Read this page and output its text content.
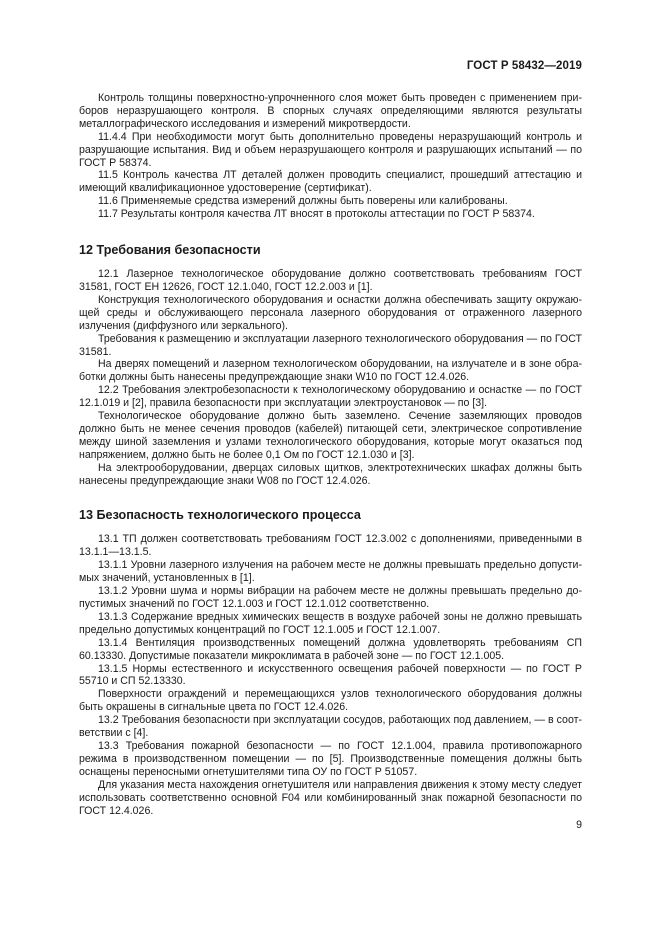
ГОСТ Р 58432—2019

Контроль толщины поверхностно-упрочненного слоя может быть проведен с применением приборов неразрушающего контроля. В спорных случаях определяющими являются результаты металлографического исследования и измерений микротвердости.

11.4.4 При необходимости могут быть дополнительно проведены неразрушающий контроль и разрушающие испытания. Вид и объем неразрушающего контроля и разрушающих испытаний — по ГОСТ Р 58374.

11.5 Контроль качества ЛТ деталей должен проводить специалист, прошедший аттестацию и имеющий квалификационное удостоверение (сертификат).

11.6 Применяемые средства измерений должны быть поверены или калиброваны.

11.7 Результаты контроля качества ЛТ вносят в протоколы аттестации по ГОСТ Р 58374.

12 Требования безопасности

12.1 Лазерное технологическое оборудование должно соответствовать требованиям ГОСТ 31581, ГОСТ ЕН 12626, ГОСТ 12.1.040, ГОСТ 12.2.003 и [1].

Конструкция технологического оборудования и оснастки должна обеспечивать защиту окружающей среды и обслуживающего персонала лазерного оборудования от отраженного лазерного излучения (диффузного или зеркального).

Требования к размещению и эксплуатации лазерного технологического оборудования — по ГОСТ 31581.

На дверях помещений и лазерном технологическом оборудовании, на излучателе и в зоне обработки должны быть нанесены предупреждающие знаки W10 по ГОСТ 12.4.026.

12.2 Требования электробезопасности к технологическому оборудованию и оснастке — по ГОСТ 12.1.019 и [2], правила безопасности при эксплуатации электроустановок — по [3].

Технологическое оборудование должно быть заземлено. Сечение заземляющих проводов должно быть не менее сечения проводов (кабелей) питающей сети, электрическое сопротивление между шиной заземления и узлами технологического оборудования, которые могут оказаться под напряжением, должно быть не более 0,1 Ом по ГОСТ 12.1.030 и [3].

На электрооборудовании, дверцах силовых щитков, электротехнических шкафах должны быть нанесены предупреждающие знаки W08 по ГОСТ 12.4.026.

13 Безопасность технологического процесса

13.1 ТП должен соответствовать требованиям ГОСТ 12.3.002 с дополнениями, приведенными в 13.1.1—13.1.5.

13.1.1 Уровни лазерного излучения на рабочем месте не должны превышать предельно допустимых значений, установленных в [1].

13.1.2 Уровни шума и нормы вибрации на рабочем месте не должны превышать предельно допустимых значений по ГОСТ 12.1.003 и ГОСТ 12.1.012 соответственно.

13.1.3 Содержание вредных химических веществ в воздухе рабочей зоны не должно превышать предельно допустимых концентраций по ГОСТ 12.1.005 и ГОСТ 12.1.007.

13.1.4 Вентиляция производственных помещений должна удовлетворять требованиям СП 60.13330. Допустимые показатели микроклимата в рабочей зоне — по ГОСТ 12.1.005.

13.1.5 Нормы естественного и искусственного освещения рабочей поверхности — по ГОСТ Р 55710 и СП 52.13330.

Поверхности ограждений и перемещающихся узлов технологического оборудования должны быть окрашены в сигнальные цвета по ГОСТ 12.4.026.

13.2 Требования безопасности при эксплуатации сосудов, работающих под давлением, — в соответствии с [4].

13.3 Требования пожарной безопасности — по ГОСТ 12.1.004, правила противопожарного режима в производственном помещении — по [5]. Производственные помещения должны быть оснащены переносными огнетушителями типа ОУ по ГОСТ Р 51057.

Для указания места нахождения огнетушителя или направления движения к этому месту следует использовать соответственно основной F04 или комбинированный знак пожарной безопасности по ГОСТ 12.4.026.

9
